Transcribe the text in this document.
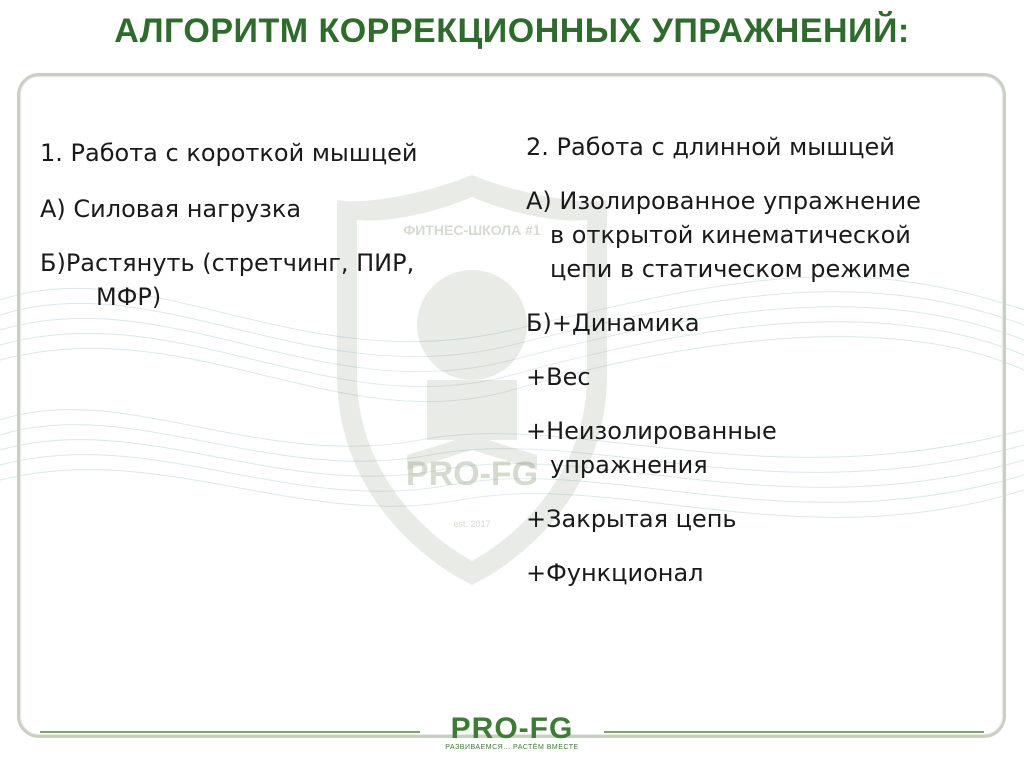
АЛГОРИТМ КОРРЕКЦИОННЫХ УПРАЖНЕНИЙ:
ФИТНЕС-ШКОЛА #1
PRO-FG
est. 2017

1. Работа с короткой мышцей

А) Силовая нагрузка

Б)Растянуть (стретчинг, ПИР,

МФР)

2. Работа с длинной мышцей

А) Изолированное упражнение

в открытой кинематической

цепи в статическом режиме

Б)+Динамика

+Вес

+Неизолированные

упражнения

+Закрытая цепь

+Функционал

PRO-FG
РАЗВИВАЕМСЯ... РАСТЁМ ВМЕСТЕ
